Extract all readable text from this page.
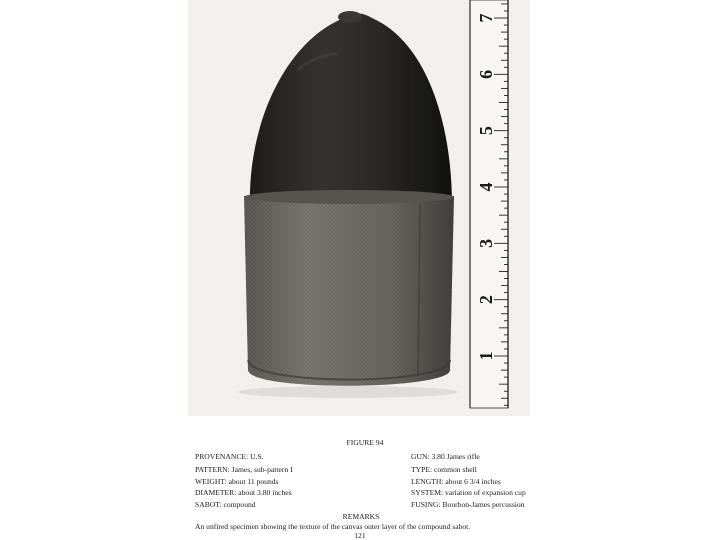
1
2
3
4
5
6
7
FIGURE 94
PROVENANCE: U.S.
PATTERN: James, sub-pattern I
WEIGHT: about 11 pounds
DIAMETER: about 3.80 inches
SABOT: compound
GUN: 3.80 James rifle
TYPE: common shell
LENGTH: about 6 3/4 inches
SYSTEM: variation of expansion cup
FUSING: Bourbon-James percussion
REMARKS
An unfired specimen showing the texture of the canvas outer layer of the compound sabot.
121
